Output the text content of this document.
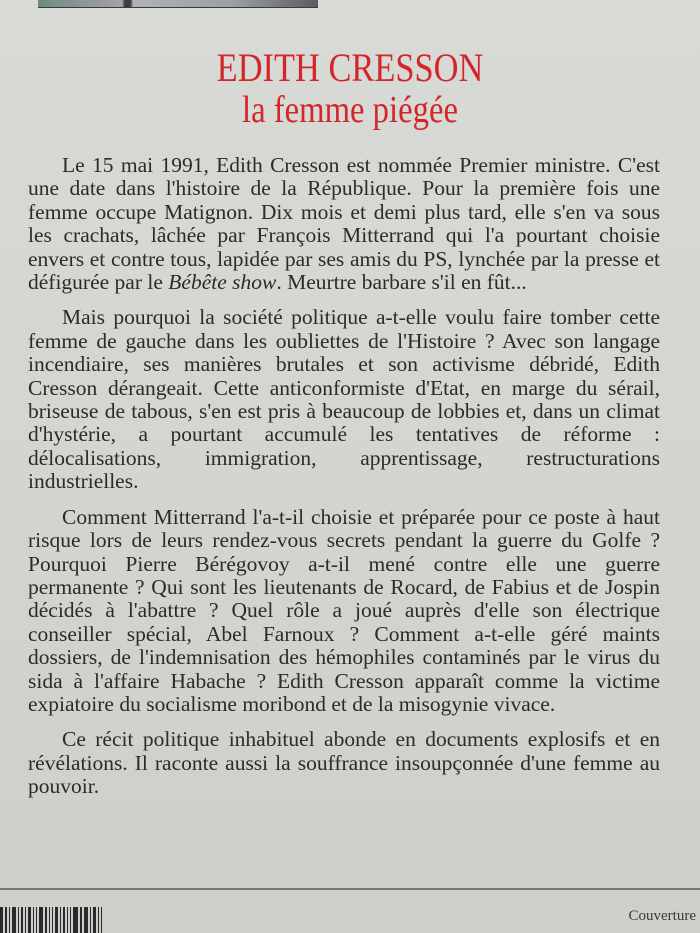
EDITH CRESSON
la femme piégée

Le 15 mai 1991, Edith Cresson est nommée Premier ministre. C'est une date dans l'histoire de la République. Pour la première fois une femme occupe Matignon. Dix mois et demi plus tard, elle s'en va sous les crachats, lâchée par François Mitterrand qui l'a pourtant choisie envers et contre tous, lapidée par ses amis du PS, lynchée par la presse et défigurée par le Bébête show. Meurtre barbare s'il en fût...

Mais pourquoi la société politique a-t-elle voulu faire tomber cette femme de gauche dans les oubliettes de l'Histoire ? Avec son langage incendiaire, ses manières brutales et son activisme débridé, Edith Cresson dérangeait. Cette anticonformiste d'Etat, en marge du sérail, briseuse de tabous, s'en est pris à beaucoup de lobbies et, dans un climat d'hystérie, a pourtant accumulé les tentatives de réforme : délocalisations, immigration, apprentissage, restructurations industrielles.

Comment Mitterrand l'a-t-il choisie et préparée pour ce poste à haut risque lors de leurs rendez-vous secrets pendant la guerre du Golfe ? Pourquoi Pierre Bérégovoy a-t-il mené contre elle une guerre permanente ? Qui sont les lieutenants de Rocard, de Fabius et de Jospin décidés à l'abattre ? Quel rôle a joué auprès d'elle son électrique conseiller spécial, Abel Farnoux ? Comment a-t-elle géré maints dossiers, de l'indemnisation des hémophiles contaminés par le virus du sida à l'affaire Habache ? Edith Cresson apparaît comme la victime expiatoire du socialisme moribond et de la misogynie vivace.

Ce récit politique inhabituel abonde en documents explosifs et en révélations. Il raconte aussi la souffrance insoupçonnée d'une femme au pouvoir.

Couverture
